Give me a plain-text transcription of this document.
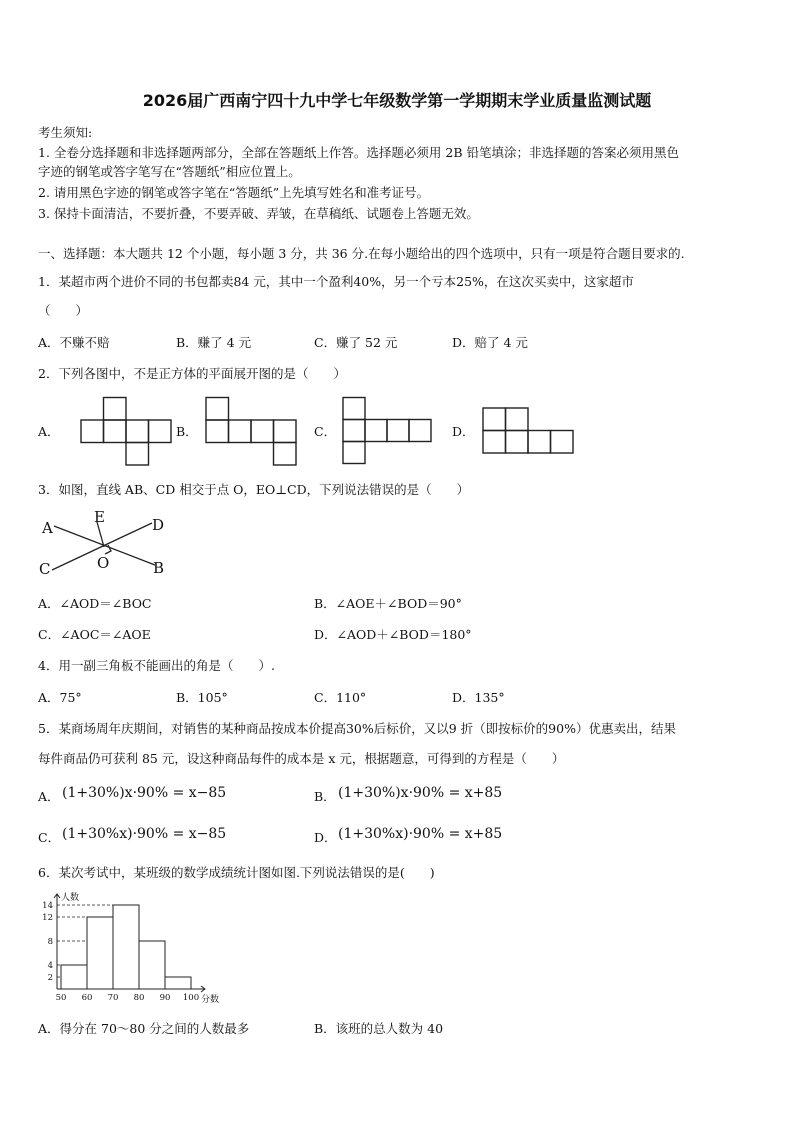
2026届广西南宁四十九中学七年级数学第一学期期末学业质量监测试题
考生须知:
1. 全卷分选择题和非选择题两部分，全部在答题纸上作答。选择题必须用 2B 铅笔填涂；非选择题的答案必须用黑色
字迹的钢笔或答字笔写在“答题纸”相应位置上。
2. 请用黑色字迹的钢笔或答字笔在“答题纸”上先填写姓名和准考证号。
3. 保持卡面清洁，不要折叠，不要弄破、弄皱，在草稿纸、试题卷上答题无效。
一、选择题：本大题共 12 个小题，每小题 3 分，共 36 分.在每小题给出的四个选项中，只有一项是符合题目要求的.
1．某超市两个进价不同的书包都卖84 元，其中一个盈利40%，另一个亏本25%，在这次买卖中，这家超市
（　　）
A．不赚不赔	B．赚了 4 元	C．赚了 52 元	D．赔了 4 元
2．下列各图中，不是正方体的平面展开图的是（　　）
A．	B．	C．	D．
3．如图，直线 AB、CD 相交于点 O，EO⊥CD，下列说法错误的是（　　）
A
E	D
C	O	B
A．∠AOD＝∠BOC	B．∠AOE＋∠BOD＝90°
C．∠AOC＝∠AOE	D．∠AOD＋∠BOD＝180°
4．用一副三角板不能画出的角是（　　）.
A．75°	B．105°	C．110°	D．135°
5．某商场周年庆期间，对销售的某种商品按成本价提高30%后标价，又以9 折（即按标价的90%）优惠卖出，结果
每件商品仍可获利 85 元，设这种商品每件的成本是 x 元，根据题意，可得到的方程是（　　）
A． (1+30%)x·90% = x−85	B． (1+30%)x·90% = x+85
C． (1+30%x)·90% = x−85	D． (1+30%x)·90% = x+85
6．某次考试中，某班级的数学成绩统计图如图.下列说法错误的是(　　)
2
4
8
12
14
50 60 70 80 90 100
人数
分数
A．得分在 70～80 分之间的人数最多	B．该班的总人数为 40
